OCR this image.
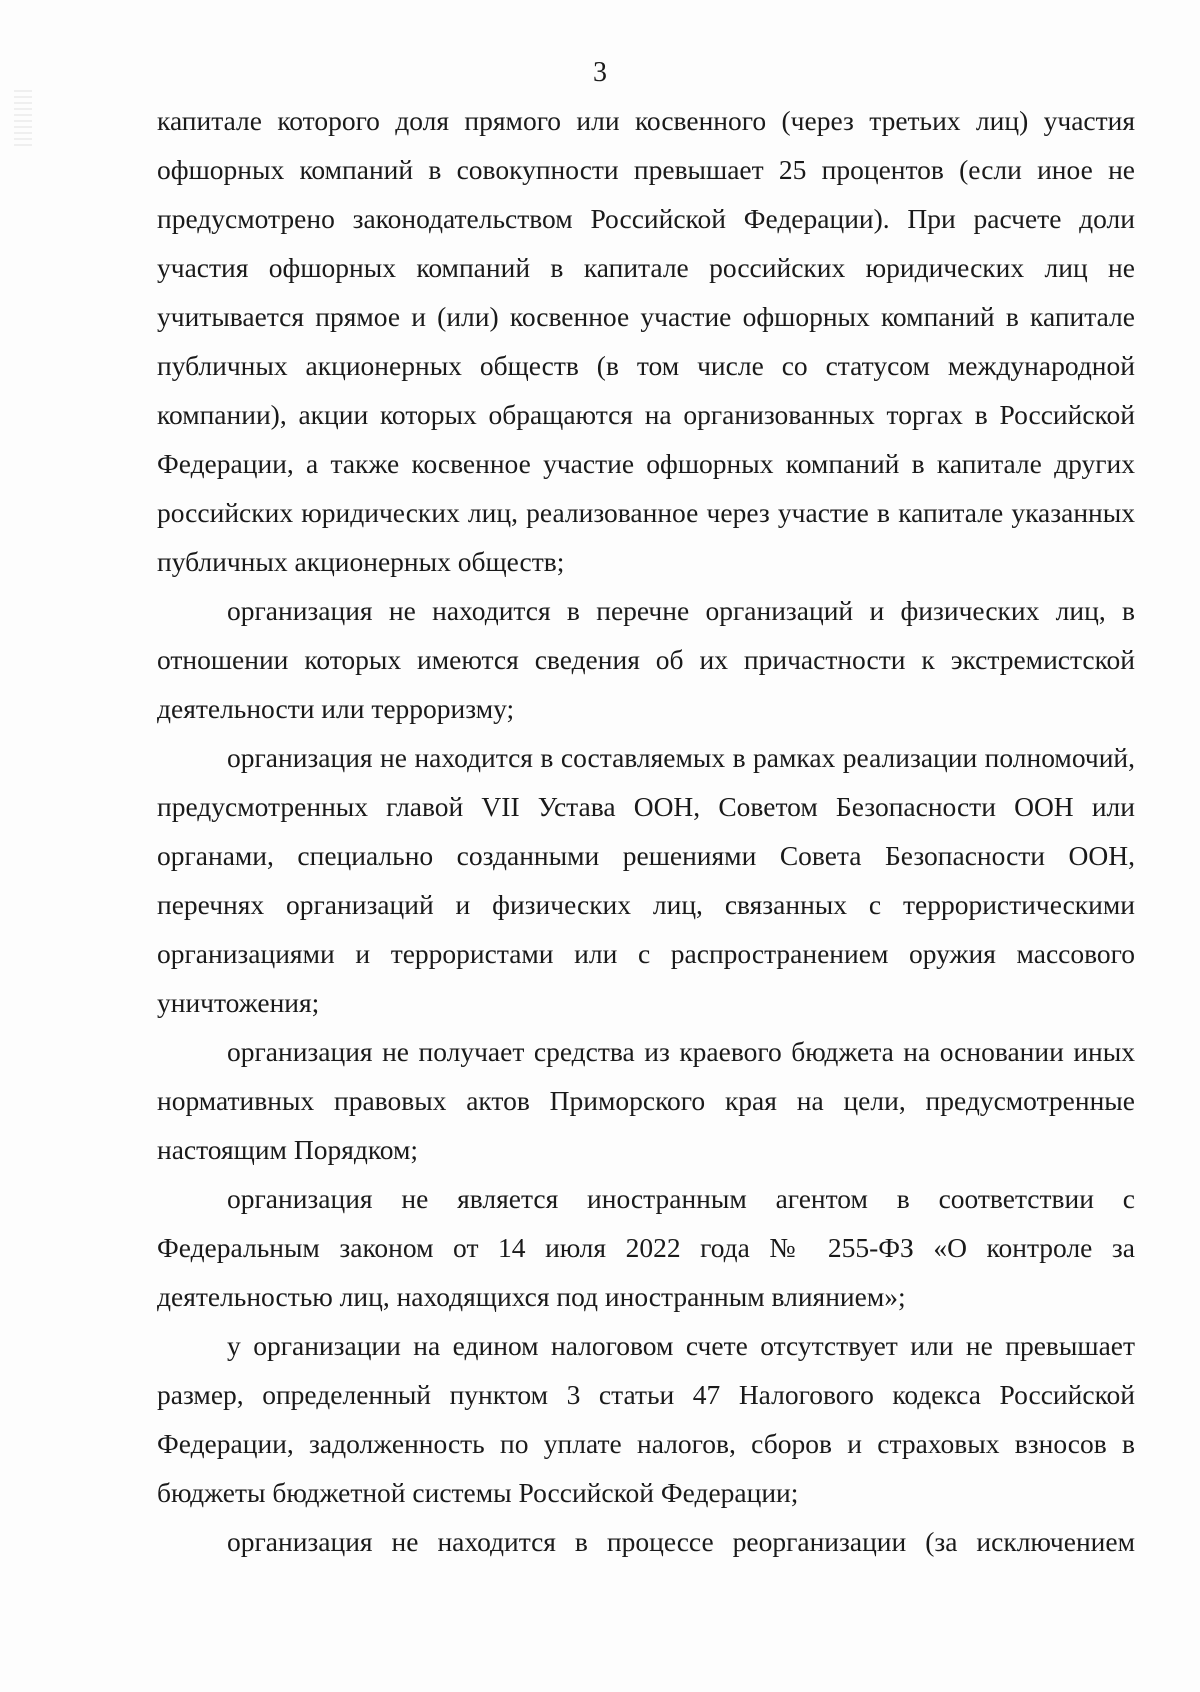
3

капитале которого доля прямого или косвенного (через третьих лиц) участия офшорных компаний в совокупности превышает 25 процентов (если иное не предусмотрено законодательством Российской Федерации). При расчете доли участия офшорных компаний в капитале российских юридических лиц не учитывается прямое и (или) косвенное участие офшорных компаний в капитале публичных акционерных обществ (в том числе со статусом международной компании), акции которых обращаются на организованных торгах в Российской Федерации, а также косвенное участие офшорных компаний в капитале других российских юридических лиц, реализованное через участие в капитале указанных публичных акционерных обществ;

организация не находится в перечне организаций и физических лиц, в отношении которых имеются сведения об их причастности к экстремистской деятельности или терроризму;

организация не находится в составляемых в рамках реализации полномочий, предусмотренных главой VII Устава ООН, Советом Безопасности ООН или органами, специально созданными решениями Совета Безопасности ООН, перечнях организаций и физических лиц, связанных с террористическими организациями и террористами или с распространением оружия массового уничтожения;

организация не получает средства из краевого бюджета на основании иных нормативных правовых актов Приморского края на цели, предусмотренные настоящим Порядком;

организация не является иностранным агентом в соответствии с Федеральным законом от 14 июля 2022 года № 255-ФЗ «О контроле за деятельностью лиц, находящихся под иностранным влиянием»;

у организации на едином налоговом счете отсутствует или не превышает размер, определенный пунктом 3 статьи 47 Налогового кодекса Российской Федерации, задолженность по уплате налогов, сборов и страховых взносов в бюджеты бюджетной системы Российской Федерации;

организация не находится в процессе реорганизации (за исключением
